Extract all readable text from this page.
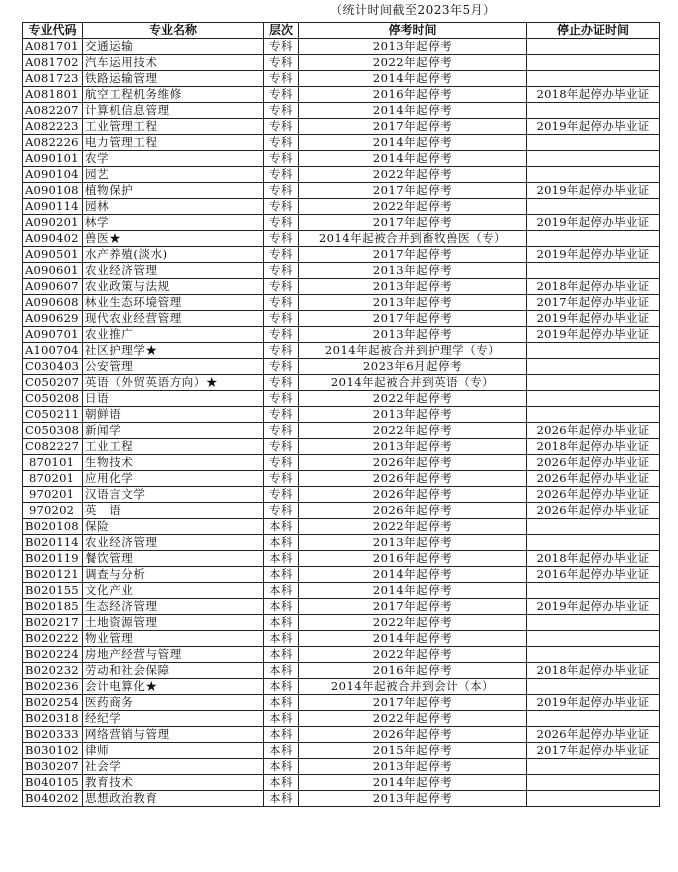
（统计时间截至2023年5月）
专业代码	专业名称	层次	停考时间	停止办证时间
A081701	交通运输	专科	2013年起停考	
A081702	汽车运用技术	专科	2022年起停考	
A081723	铁路运输管理	专科	2014年起停考	
A081801	航空工程机务维修	专科	2016年起停考	2018年起停办毕业证
A082207	计算机信息管理	专科	2014年起停考	
A082223	工业管理工程	专科	2017年起停考	2019年起停办毕业证
A082226	电力管理工程	专科	2014年起停考	
A090101	农学	专科	2014年起停考	
A090104	园艺	专科	2022年起停考	
A090108	植物保护	专科	2017年起停考	2019年起停办毕业证
A090114	园林	专科	2022年起停考	
A090201	林学	专科	2017年起停考	2019年起停办毕业证
A090402	兽医★	专科	2014年起被合并到畜牧兽医（专）	
A090501	水产养殖(淡水)	专科	2017年起停考	2019年起停办毕业证
A090601	农业经济管理	专科	2013年起停考	
A090607	农业政策与法规	专科	2013年起停考	2018年起停办毕业证
A090608	林业生态环境管理	专科	2013年起停考	2017年起停办毕业证
A090629	现代农业经营管理	专科	2017年起停考	2019年起停办毕业证
A090701	农业推广	专科	2013年起停考	2019年起停办毕业证
A100704	社区护理学★	专科	2014年起被合并到护理学（专）	
C030403	公安管理	专科	2023年6月起停考	
C050207	英语（外贸英语方向）★	专科	2014年起被合并到英语（专）	
C050208	日语	专科	2022年起停考	
C050211	朝鲜语	专科	2013年起停考	
C050308	新闻学	专科	2022年起停考	2026年起停办毕业证
C082227	工业工程	专科	2013年起停考	2018年起停办毕业证
870101	生物技术	专科	2026年起停考	2026年起停办毕业证
870201	应用化学	专科	2026年起停考	2026年起停办毕业证
970201	汉语言文学	专科	2026年起停考	2026年起停办毕业证
970202	英　语	专科	2026年起停考	2026年起停办毕业证
B020108	保险	本科	2022年起停考	
B020114	农业经济管理	本科	2013年起停考	
B020119	餐饮管理	本科	2016年起停考	2018年起停办毕业证
B020121	调查与分析	本科	2014年起停考	2016年起停办毕业证
B020155	文化产业	本科	2014年起停考	
B020185	生态经济管理	本科	2017年起停考	2019年起停办毕业证
B020217	土地资源管理	本科	2022年起停考	
B020222	物业管理	本科	2014年起停考	
B020224	房地产经营与管理	本科	2022年起停考	
B020232	劳动和社会保障	本科	2016年起停考	2018年起停办毕业证
B020236	会计电算化★	本科	2014年起被合并到会计（本）	
B020254	医药商务	本科	2017年起停考	2019年起停办毕业证
B020318	经纪学	本科	2022年起停考	
B020333	网络营销与管理	本科	2026年起停考	2026年起停办毕业证
B030102	律师	本科	2015年起停考	2017年起停办毕业证
B030207	社会学	本科	2013年起停考	
B040105	教育技术	本科	2014年起停考	
B040202	思想政治教育	本科	2013年起停考	
